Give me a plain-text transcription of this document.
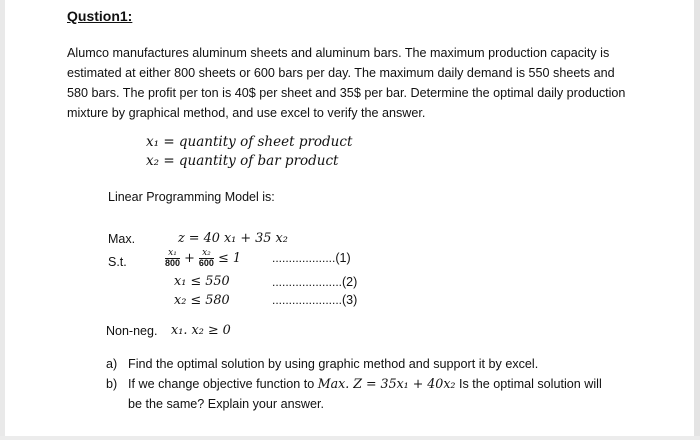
Qustion1:
Alumco manufactures aluminum sheets and aluminum bars. The maximum production capacity is estimated at either 800 sheets or 600 bars per day. The maximum daily demand is 550 sheets and 580 bars. The profit per ton is 40$ per sheet and 35$ per bar. Determine the optimal daily production mixture by graphical method, and use excel to verify the answer.
x₁ = quantity of sheet product
x₂ = quantity of bar product
Linear Programming Model is:
Max.	z = 40 x₁ + 35 x₂
S.t.	$\frac{\text{x₁}}{800} + \frac{\text{x₂}}{600} \le 1$	...................(1)
x₁ ≤ 550	.....................(2)
x₂ ≤ 580	.....................(3)
Non-neg. x₁. x₂ ≥ 0
a) Find the optimal solution by using graphic method and support it by excel.
b) If we change objective function to Max. Z = 35x₁ + 40x₂ Is the optimal solution will
be the same? Explain your answer.
